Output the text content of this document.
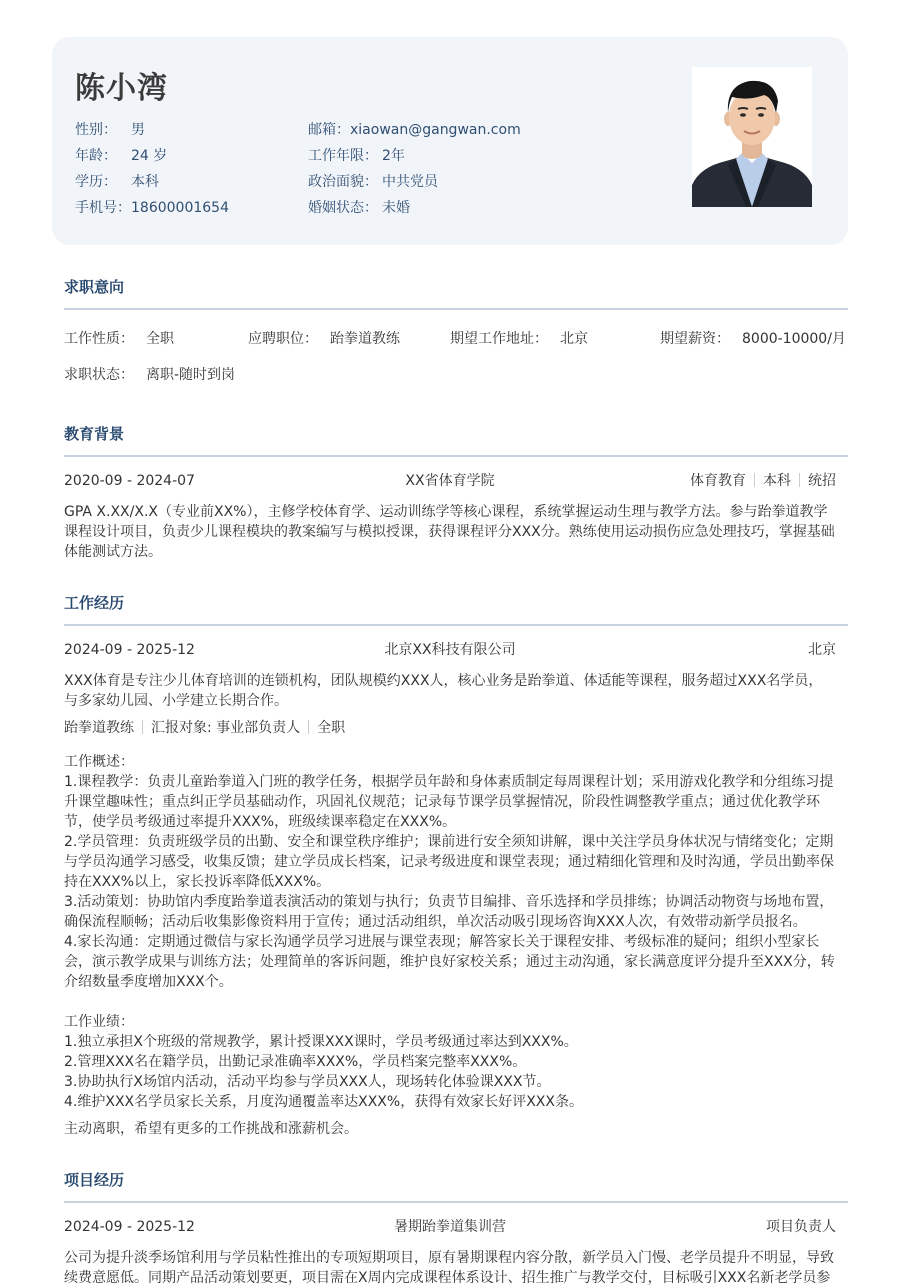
陈小湾
性别： 男
年龄： 24 岁
学历： 本科
手机号：18600001654
邮箱：xiaowan@gangwan.com
工作年限： 2年
政治面貌： 中共党员
婚姻状态： 未婚
求职意向
工作性质： 全职	应聘职位： 跆拳道教练	期望工作地址： 北京	期望薪资： 8000-10000/月
求职状态： 离职-随时到岗
教育背景
2020-09 - 2024-07	XX省体育学院	体育教育 本科 统招
GPA X.XX/X.X（专业前XX%），主修学校体育学、运动训练学等核心课程，系统掌握运动生理与教学方法。参与跆拳道教学课程设计项目，负责少儿课程模块的教案编写与模拟授课，获得课程评分XXX分。熟练使用运动损伤应急处理技巧，掌握基础体能测试方法。
工作经历
2024-09 - 2025-12	北京XX科技有限公司	北京
XXX体育是专注少儿体育培训的连锁机构，团队规模约XXX人，核心业务是跆拳道、体适能等课程，服务超过XXX名学员，与多家幼儿园、小学建立长期合作。
跆拳道教练 汇报对象: 事业部负责人 全职
工作概述：
1.课程教学：负责儿童跆拳道入门班的教学任务，根据学员年龄和身体素质制定每周课程计划；采用游戏化教学和分组练习提升课堂趣味性；重点纠正学员基础动作，巩固礼仪规范；记录每节课学员掌握情况，阶段性调整教学重点；通过优化教学环节，使学员考级通过率提升XXX%，班级续课率稳定在XXX%。
2.学员管理：负责班级学员的出勤、安全和课堂秩序维护；课前进行安全须知讲解，课中关注学员身体状况与情绪变化；定期与学员沟通学习感受，收集反馈；建立学员成长档案，记录考级进度和课堂表现；通过精细化管理和及时沟通，学员出勤率保持在XXX%以上，家长投诉率降低XXX%。
3.活动策划：协助馆内季度跆拳道表演活动的策划与执行；负责节目编排、音乐选择和学员排练；协调活动物资与场地布置，确保流程顺畅；活动后收集影像资料用于宣传；通过活动组织，单次活动吸引现场咨询XXX人次，有效带动新学员报名。
4.家长沟通：定期通过微信与家长沟通学员学习进展与课堂表现；解答家长关于课程安排、考级标准的疑问；组织小型家长会，演示教学成果与训练方法；处理简单的客诉问题，维护良好家校关系；通过主动沟通，家长满意度评分提升至XXX分，转介绍数量季度增加XXX个。
工作业绩：
1.独立承担X个班级的常规教学，累计授课XXX课时，学员考级通过率达到XXX%。
2.管理XXX名在籍学员，出勤记录准确率XXX%，学员档案完整率XXX%。
3.协助执行X场馆内活动，活动平均参与学员XXX人，现场转化体验课XXX节。
4.维护XXX名学员家长关系，月度沟通覆盖率达XXX%，获得有效家长好评XXX条。
主动离职，希望有更多的工作挑战和涨薪机会。
项目经历
2024-09 - 2025-12	暑期跆拳道集训营	项目负责人
公司为提升淡季场馆利用与学员粘性推出的专项短期项目，原有暑期课程内容分散，新学员入门慢、老学员提升不明显，导致续费意愿低。同期产品活动策划要更，项目需在X周内完成课程体系设计、招生推广与教学交付，目标吸引XXX名新老学员参
